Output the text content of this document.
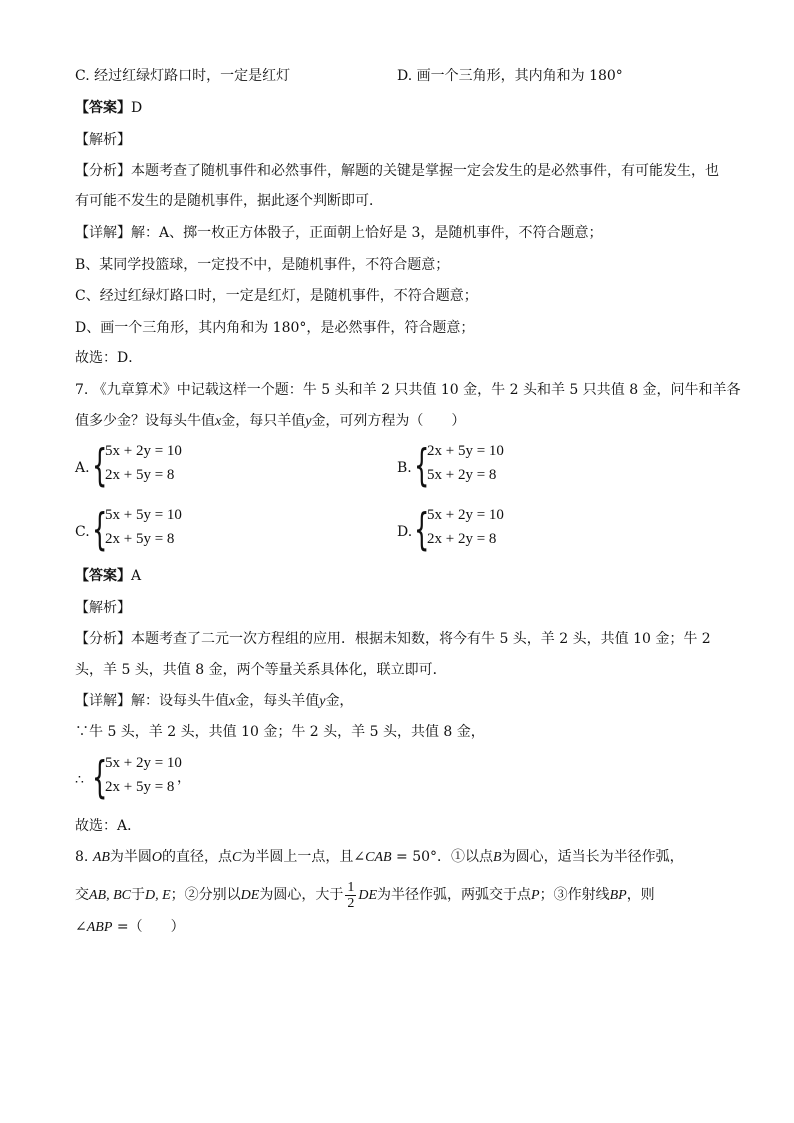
C. 经过红绿灯路口时，一定是红灯	D. 画一个三角形，其内角和为 180°
【答案】D
【解析】
【分析】本题考查了随机事件和必然事件，解题的关键是掌握一定会发生的是必然事件，有可能发生，也
有可能不发生的是随机事件，据此逐个判断即可．
【详解】解：A、掷一枚正方体骰子，正面朝上恰好是 3，是随机事件，不符合题意；
B、某同学投篮球，一定投不中，是随机事件，不符合题意；
C、经过红绿灯路口时，一定是红灯，是随机事件，不符合题意；
D、画一个三角形，其内角和为 180°，是必然事件，符合题意；
故选：D．
7. 《九章算术》中记载这样一个题：牛 5 头和羊 2 只共值 10 金，牛 2 头和羊 5 只共值 8 金，问牛和羊各
值多少金？设每头牛值x金，每只羊值y金，可列方程为（　　）
A. {
5x + 2y = 10
2x + 5y = 8	B. {
2x + 5y = 10
5x + 2y = 8
C. {
5x + 5y = 10
2x + 5y = 8	D. {
5x + 2y = 10
2x + 2y = 8
【答案】A
【解析】
【分析】本题考查了二元一次方程组的应用．根据未知数，将今有牛 5 头，羊 2 头，共值 10 金；牛 2
头，羊 5 头，共值 8 金，两个等量关系具体化，联立即可．
【详解】解：设每头牛值x金，每头羊值y金，
∵牛 5 头，羊 2 头，共值 10 金；牛 2 头，羊 5 头，共值 8 金，
∴ {
5x + 2y = 10
2x + 5y = 8
，
故选：A．
8. AB为半圆O的直径，点C为半圆上一点，且∠CAB = 50°．①以点B为圆心，适当长为半径作弧，
交AB, BC于D, E；②分别以DE为圆心，大于 $\frac{1}{2}$ DE为半径作弧，两弧交于点P；③作射线BP，则
∠ABP =（　　）
